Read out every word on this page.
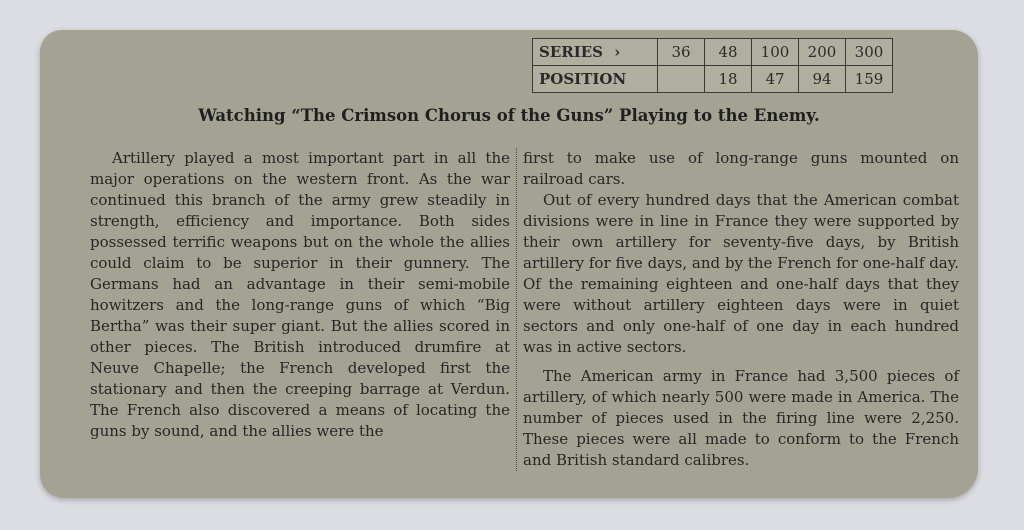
SERIES ›	36	48	100	200	300
POSITION		18	47	94	159
Watching “The Crimson Chorus of the Guns” Playing to the Enemy.

Artillery played a most important part in all the major operations on the western front. As the war continued this branch of the army grew steadily in strength, efficiency and importance. Both sides possessed terrific weapons but on the whole the allies could claim to be superior in their gunnery. The Germans had an advantage in their semi-mobile howitzers and the long-range guns of which “Big Bertha” was their super giant. But the allies scored in other pieces. The British introduced drumfire at Neuve Chapelle; the French developed first the stationary and then the creeping barrage at Verdun. The French also discovered a means of locating the guns by sound, and the allies were the

first to make use of long-range guns mounted on railroad cars.

Out of every hundred days that the American combat divisions were in line in France they were supported by their own artillery for seventy-five days, by British artillery for five days, and by the French for one-half day. Of the remaining eighteen and one-half days that they were without artillery eighteen days were in quiet sectors and only one-half of one day in each hundred was in active sectors.

The American army in France had 3,500 pieces of artillery, of which nearly 500 were made in America. The number of pieces used in the firing line were 2,250. These pieces were all made to conform to the French and British standard calibres.
